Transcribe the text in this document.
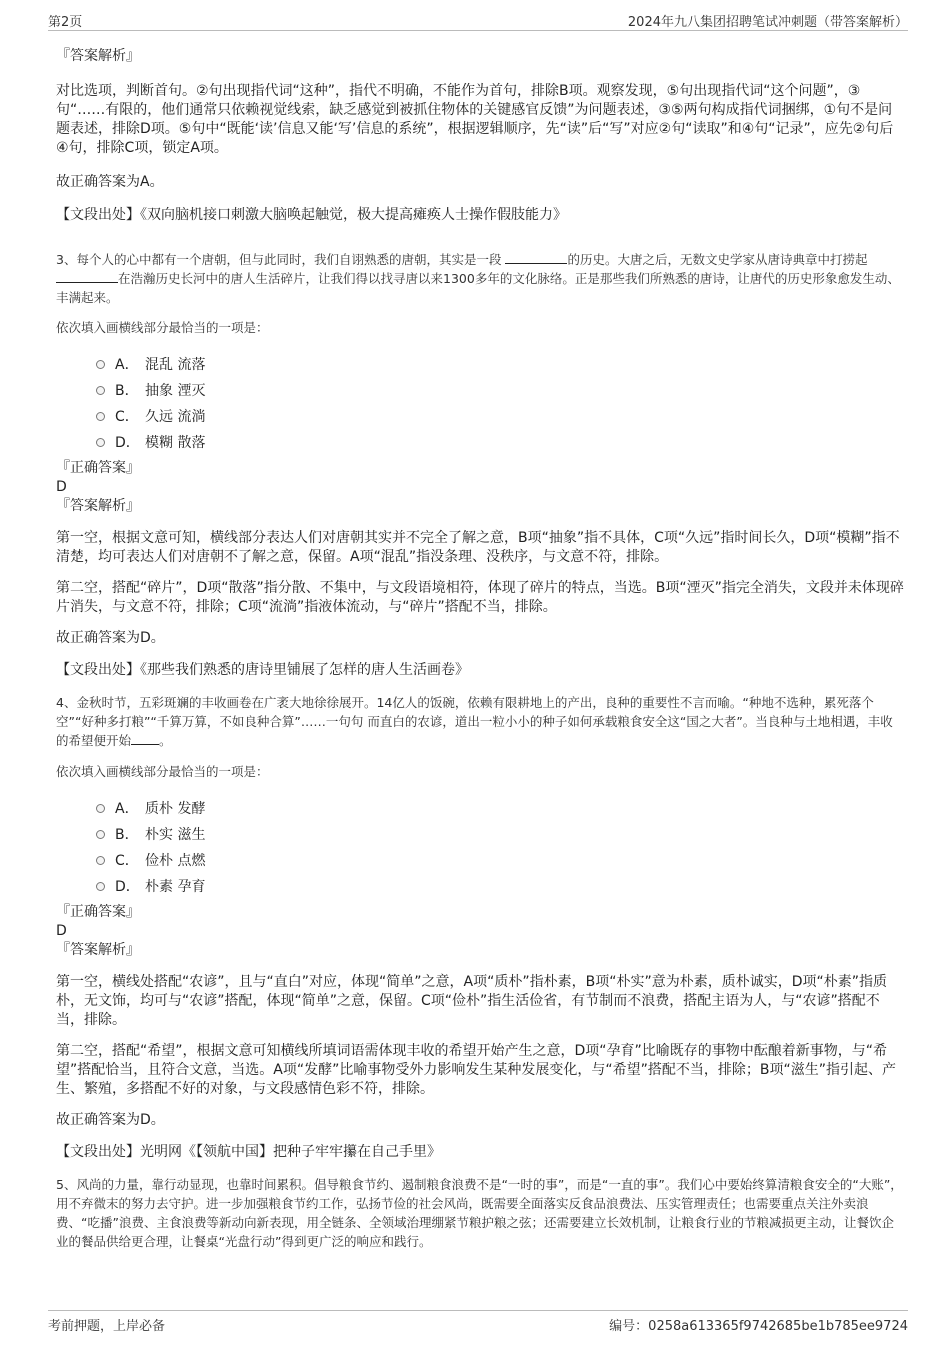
第2页	2024年九八集团招聘笔试冲刺题（带答案解析）

『答案解析』

对比选项，判断首句。②句出现指代词“这种”，指代不明确，不能作为首句，排除B项。观察发现，⑤句出现指代词“这个问题”，③句“……有限的，他们通常只依赖视觉线索，缺乏感觉到被抓住物体的关键感官反馈”为问题表述，③⑤两句构成指代词捆绑，①句不是问题表述，排除D项。⑤句中“既能‘读’信息又能‘写’信息的系统”，根据逻辑顺序，先“读”后“写”对应②句“读取”和④句“记录”，应先②句后④句，排除C项，锁定A项。

故正确答案为A。

【文段出处】《双向脑机接口刺激大脑唤起触觉，极大提高瘫痪人士操作假肢能力》

3、每个人的心中都有一个唐朝，但与此同时，我们自诩熟悉的唐朝，其实是一段	的历史。大唐之后，无数文史学家从唐诗典章中打捞起 在浩瀚历史长河中的唐人生活碎片，让我们得以找寻唐以来1300多年的文化脉络。正是那些我们所熟悉的唐诗，让唐代的历史形象愈发生动、丰满起来。

依次填入画横线部分最恰当的一项是：

A． 混乱 流落
B． 抽象 湮灭
C． 久远 流淌
D． 模糊 散落

『正确答案』

D

『答案解析』

第一空，根据文意可知，横线部分表达人们对唐朝其实并不完全了解之意，B项“抽象”指不具体，C项“久远”指时间长久，D项“模糊”指不清楚，均可表达人们对唐朝不了解之意，保留。A项“混乱”指没条理、没秩序，与文意不符，排除。

第二空，搭配“碎片”，D项“散落”指分散、不集中，与文段语境相符，体现了碎片的特点，当选。B项“湮灭”指完全消失，文段并未体现碎片消失，与文意不符，排除；C项“流淌”指液体流动，与“碎片”搭配不当，排除。

故正确答案为D。

【文段出处】《那些我们熟悉的唐诗里铺展了怎样的唐人生活画卷》

4、金秋时节，五彩斑斓的丰收画卷在广袤大地徐徐展开。14亿人的饭碗，依赖有限耕地上的产出，良种的重要性不言而喻。“种地不选种，累死落个空”“好种多打粮”“千算万算，不如良种合算”……一句句 而直白的农谚，道出一粒小小的种子如何承载粮食安全这“国之大者”。当良种与土地相遇，丰收的希望便开始 。

依次填入画横线部分最恰当的一项是：

A． 质朴 发酵
B． 朴实 滋生
C． 俭朴 点燃
D． 朴素 孕育

『正确答案』

D

『答案解析』

第一空，横线处搭配“农谚”，且与“直白”对应，体现“简单”之意，A项“质朴”指朴素，B项“朴实”意为朴素，质朴诚实，D项“朴素”指质朴，无文饰，均可与“农谚”搭配，体现“简单”之意，保留。C项“俭朴”指生活俭省，有节制而不浪费，搭配主语为人，与“农谚”搭配不当，排除。

第二空，搭配“希望”，根据文意可知横线所填词语需体现丰收的希望开始产生之意，D项“孕育”比喻既存的事物中酝酿着新事物，与“希望”搭配恰当，且符合文意，当选。A项“发酵”比喻事物受外力影响发生某种发展变化，与“希望”搭配不当，排除；B项“滋生”指引起、产生、繁殖，多搭配不好的对象，与文段感情色彩不符，排除。

故正确答案为D。

【文段出处】光明网《【领航中国】把种子牢牢攥在自己手里》

5、风尚的力量，靠行动显现，也靠时间累积。倡导粮食节约、遏制粮食浪费不是“一时的事”，而是“一直的事”。我们心中要始终算清粮食安全的“大账”，用不弃微末的努力去守护。进一步加强粮食节约工作，弘扬节俭的社会风尚，既需要全面落实反食品浪费法、压实管理责任；也需要重点关注外卖浪费、“吃播”浪费、主食浪费等新动向新表现，用全链条、全领域治理绷紧节粮护粮之弦；还需要建立长效机制，让粮食行业的节粮减损更主动，让餐饮企业的餐品供给更合理，让餐桌“光盘行动”得到更广泛的响应和践行。

考前押题，上岸必备	编号：0258a613365f9742685be1b785ee9724
